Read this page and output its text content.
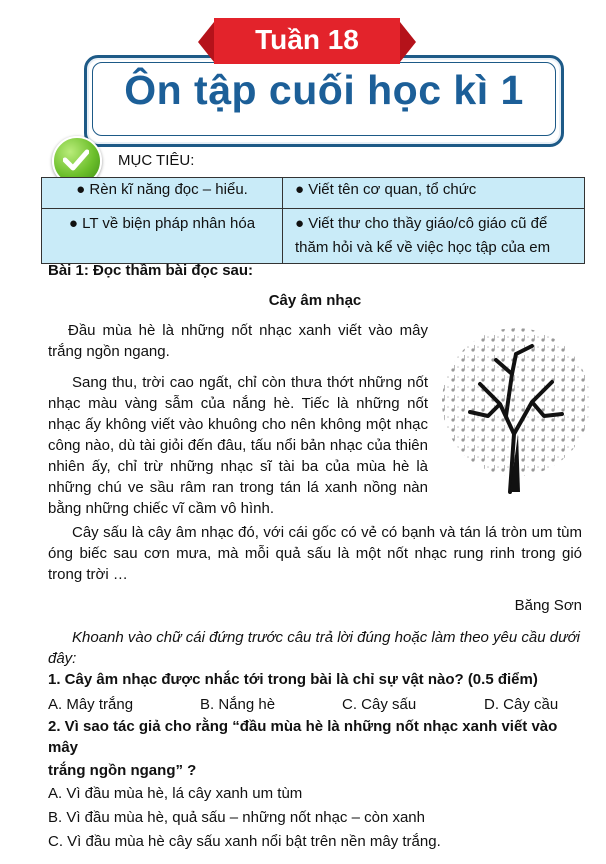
Ôn tập cuối học kì 1
Tuần 18
MỤC TIÊU:
● Rèn kĩ năng đọc – hiểu.	● Viết tên cơ quan, tổ chức
● LT về biện pháp nhân hóa	● Viết thư cho thầy giáo/cô giáo cũ để thăm hỏi và kể về việc học tập của em
Bài 1: Đọc thầm bài đọc sau:
Cây âm nhạc
Đầu mùa hè là những nốt nhạc xanh viết vào mây trắng ngồn ngang.
Sang thu, trời cao ngất, chỉ còn thưa thớt những nốt nhạc màu vàng sẫm của nắng hè. Tiếc là những nốt nhạc ấy không viết vào khuông cho nên không một nhạc công nào, dù tài giỏi đến đâu, tấu nổi bản nhạc của thiên nhiên ấy, chỉ trừ những nhạc sĩ tài ba của mùa hè là những chú ve sầu râm ran trong tán lá xanh nồng nàn bằng những chiếc vĩ cầm vô hình.
Cây sấu là cây âm nhạc đó, với cái gốc có vẻ có bạnh và tán lá tròn um tùm óng biếc sau cơn mưa, mà mỗi quả sấu là một nốt nhạc rung rinh trong gió trong trời …
Băng Sơn
Khoanh vào chữ cái đứng trước câu trả lời đúng hoặc làm theo yêu cầu dưới đây:
1. Cây âm nhạc được nhắc tới trong bài là chỉ sự vật nào? (0.5 điểm)
A. Mây trắng	B. Nắng hè	C. Cây sấu	D. Cây cầu
2. Vì sao tác giả cho rằng “đầu mùa hè là những nốt nhạc xanh viết vào mây
trắng ngồn ngang” ?
A. Vì đầu mùa hè, lá cây xanh um tùm
B. Vì đầu mùa hè, quả sấu – những nốt nhạc – còn xanh
C. Vì đầu mùa hè cây sấu xanh nổi bật trên nền mây trắng.
